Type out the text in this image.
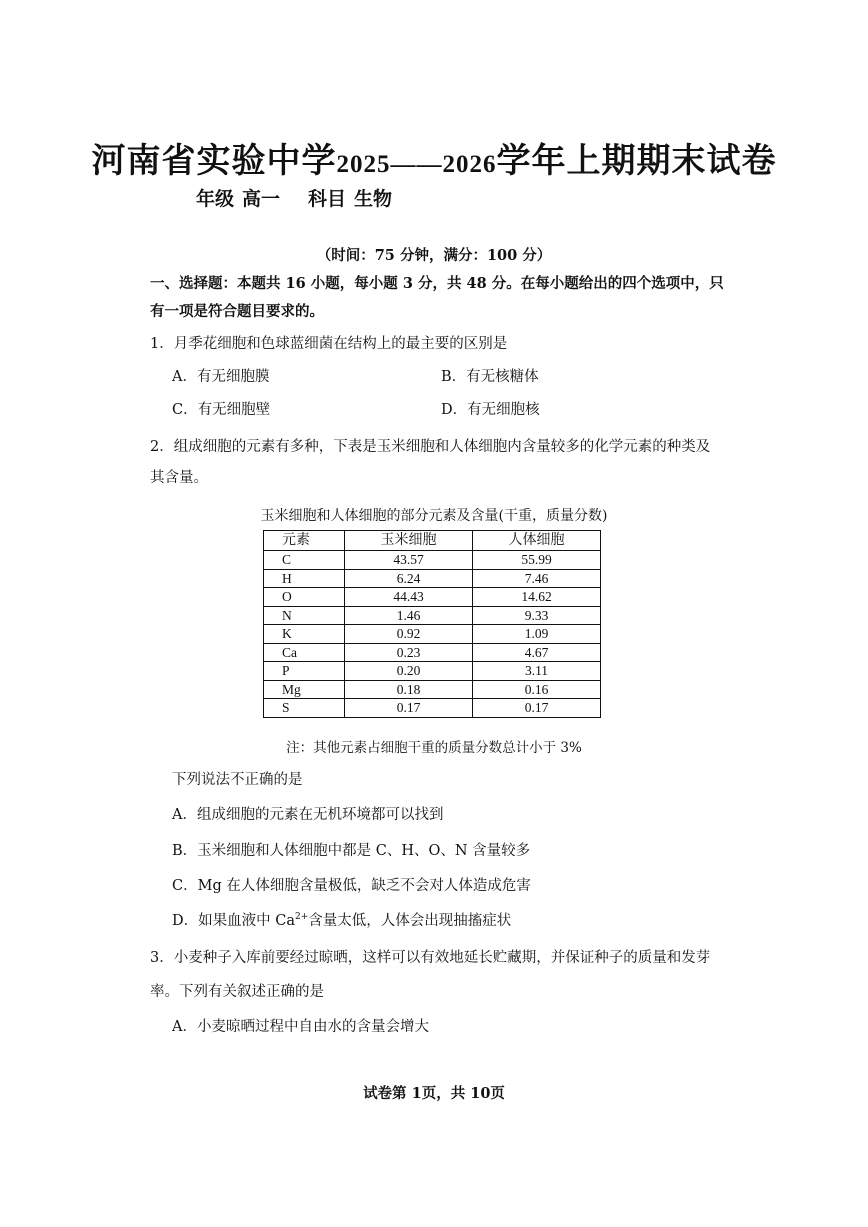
河南省实验中学2025——2026学年上期期末试卷
年级 高一 科目 生物
（时间：75 分钟，满分：100 分）
一、选择题：本题共 16 小题，每小题 3 分，共 48 分。在每小题给出的四个选项中，只
有一项是符合题目要求的。
1．月季花细胞和色球蓝细菌在结构上的最主要的区别是
A．有无细胞膜	B．有无核糖体
C．有无细胞壁	D．有无细胞核
2．组成细胞的元素有多种，下表是玉米细胞和人体细胞内含量较多的化学元素的种类及
其含量。
玉米细胞和人体细胞的部分元素及含量(干重，质量分数)
元素	玉米细胞	人体细胞
C	43.57	55.99
H	6.24	7.46
O	44.43	14.62
N	1.46	9.33
K	0.92	1.09
Ca	0.23	4.67
P	0.20	3.11
Mg	0.18	0.16
S	0.17	0.17
注：其他元素占细胞干重的质量分数总计小于 3%
下列说法不正确的是
A．组成细胞的元素在无机环境都可以找到
B．玉米细胞和人体细胞中都是 C、H、O、N 含量较多
C．Mg 在人体细胞含量极低，缺乏不会对人体造成危害
D．如果血液中 $Ca^{2+}$含量太低，人体会出现抽搐症状
3．小麦种子入库前要经过晾晒，这样可以有效地延长贮藏期，并保证种子的质量和发芽
率。下列有关叙述正确的是
A．小麦晾晒过程中自由水的含量会增大
试卷第 1页，共 10页
